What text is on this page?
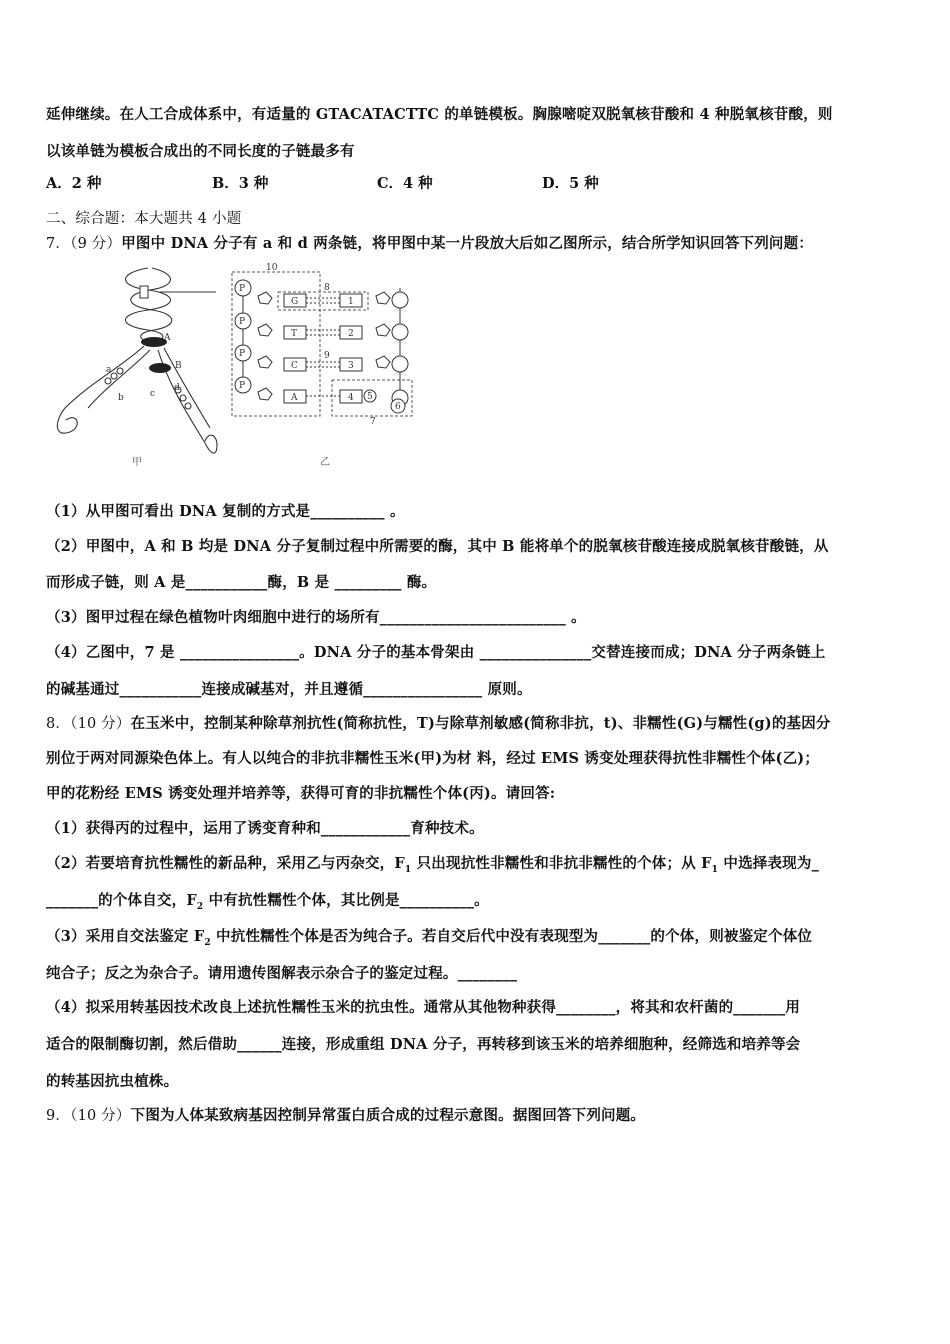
延伸继续。在人工合成体系中，有适量的 GTACATACTTC 的单链模板。胸腺嘧啶双脱氧核苷酸和 4 种脱氧核苷酸，则
以该单链为模板合成出的不同长度的子链最多有
A．2 种	B．3 种	C．4 种	D．5 种
二、综合题：本大题共 4 小题
7．（9 分）甲图中 DNA 分子有 a 和 d 两条链，将甲图中某一片段放大后如乙图所示，结合所学知识回答下列问题：
A
B
a
b	c
d
P
P
P
P
G
T
C
A
1
2
3
4 5
6
7
8
9
10
甲	乙
（1）从甲图可看出 DNA 复制的方式是__________ 。
（2）甲图中，A 和 B 均是 DNA 分子复制过程中所需要的酶，其中 B 能将单个的脱氧核苷酸连接成脱氧核苷酸链，从
而形成子链，则 A 是___________酶，B 是 _________ 酶。
（3）图甲过程在绿色植物叶肉细胞中进行的场所有_________________________ 。
（4）乙图中，7 是 ________________。DNA 分子的基本骨架由 _______________交替连接而成；DNA 分子两条链上
的碱基通过___________连接成碱基对，并且遵循________________ 原则。
8．（10 分）在玉米中，控制某种除草剂抗性(简称抗性，T)与除草剂敏感(简称非抗，t)、非糯性(G)与糯性(g)的基因分
别位于两对同源染色体上。有人以纯合的非抗非糯性玉米(甲)为材 料，经过 EMS 诱变处理获得抗性非糯性个体(乙)；
甲的花粉经 EMS 诱变处理并培养等，获得可育的非抗糯性个体(丙)。请回答:
（1）获得丙的过程中，运用了诱变育种和____________育种技术。
（2）若要培育抗性糯性的新品种，采用乙与丙杂交，$F_1$ 只出现抗性非糯性和非抗非糯性的个体；从 $F_1$ 中选择表现为_
_______的个体自交，$F_2$ 中有抗性糯性个体，其比例是__________。
（3）采用自交法鉴定 $F_2$ 中抗性糯性个体是否为纯合子。若自交后代中没有表现型为_______的个体，则被鉴定个体位
纯合子；反之为杂合子。请用遗传图解表示杂合子的鉴定过程。________
（4）拟采用转基因技术改良上述抗性糯性玉米的抗虫性。通常从其他物种获得________，将其和农杆菌的_______用
适合的限制酶切割，然后借助______连接，形成重组 DNA 分子，再转移到该玉米的培养细胞种，经筛选和培养等会
的转基因抗虫植株。
9．（10 分）下图为人体某致病基因控制异常蛋白质合成的过程示意图。据图回答下列问题。
